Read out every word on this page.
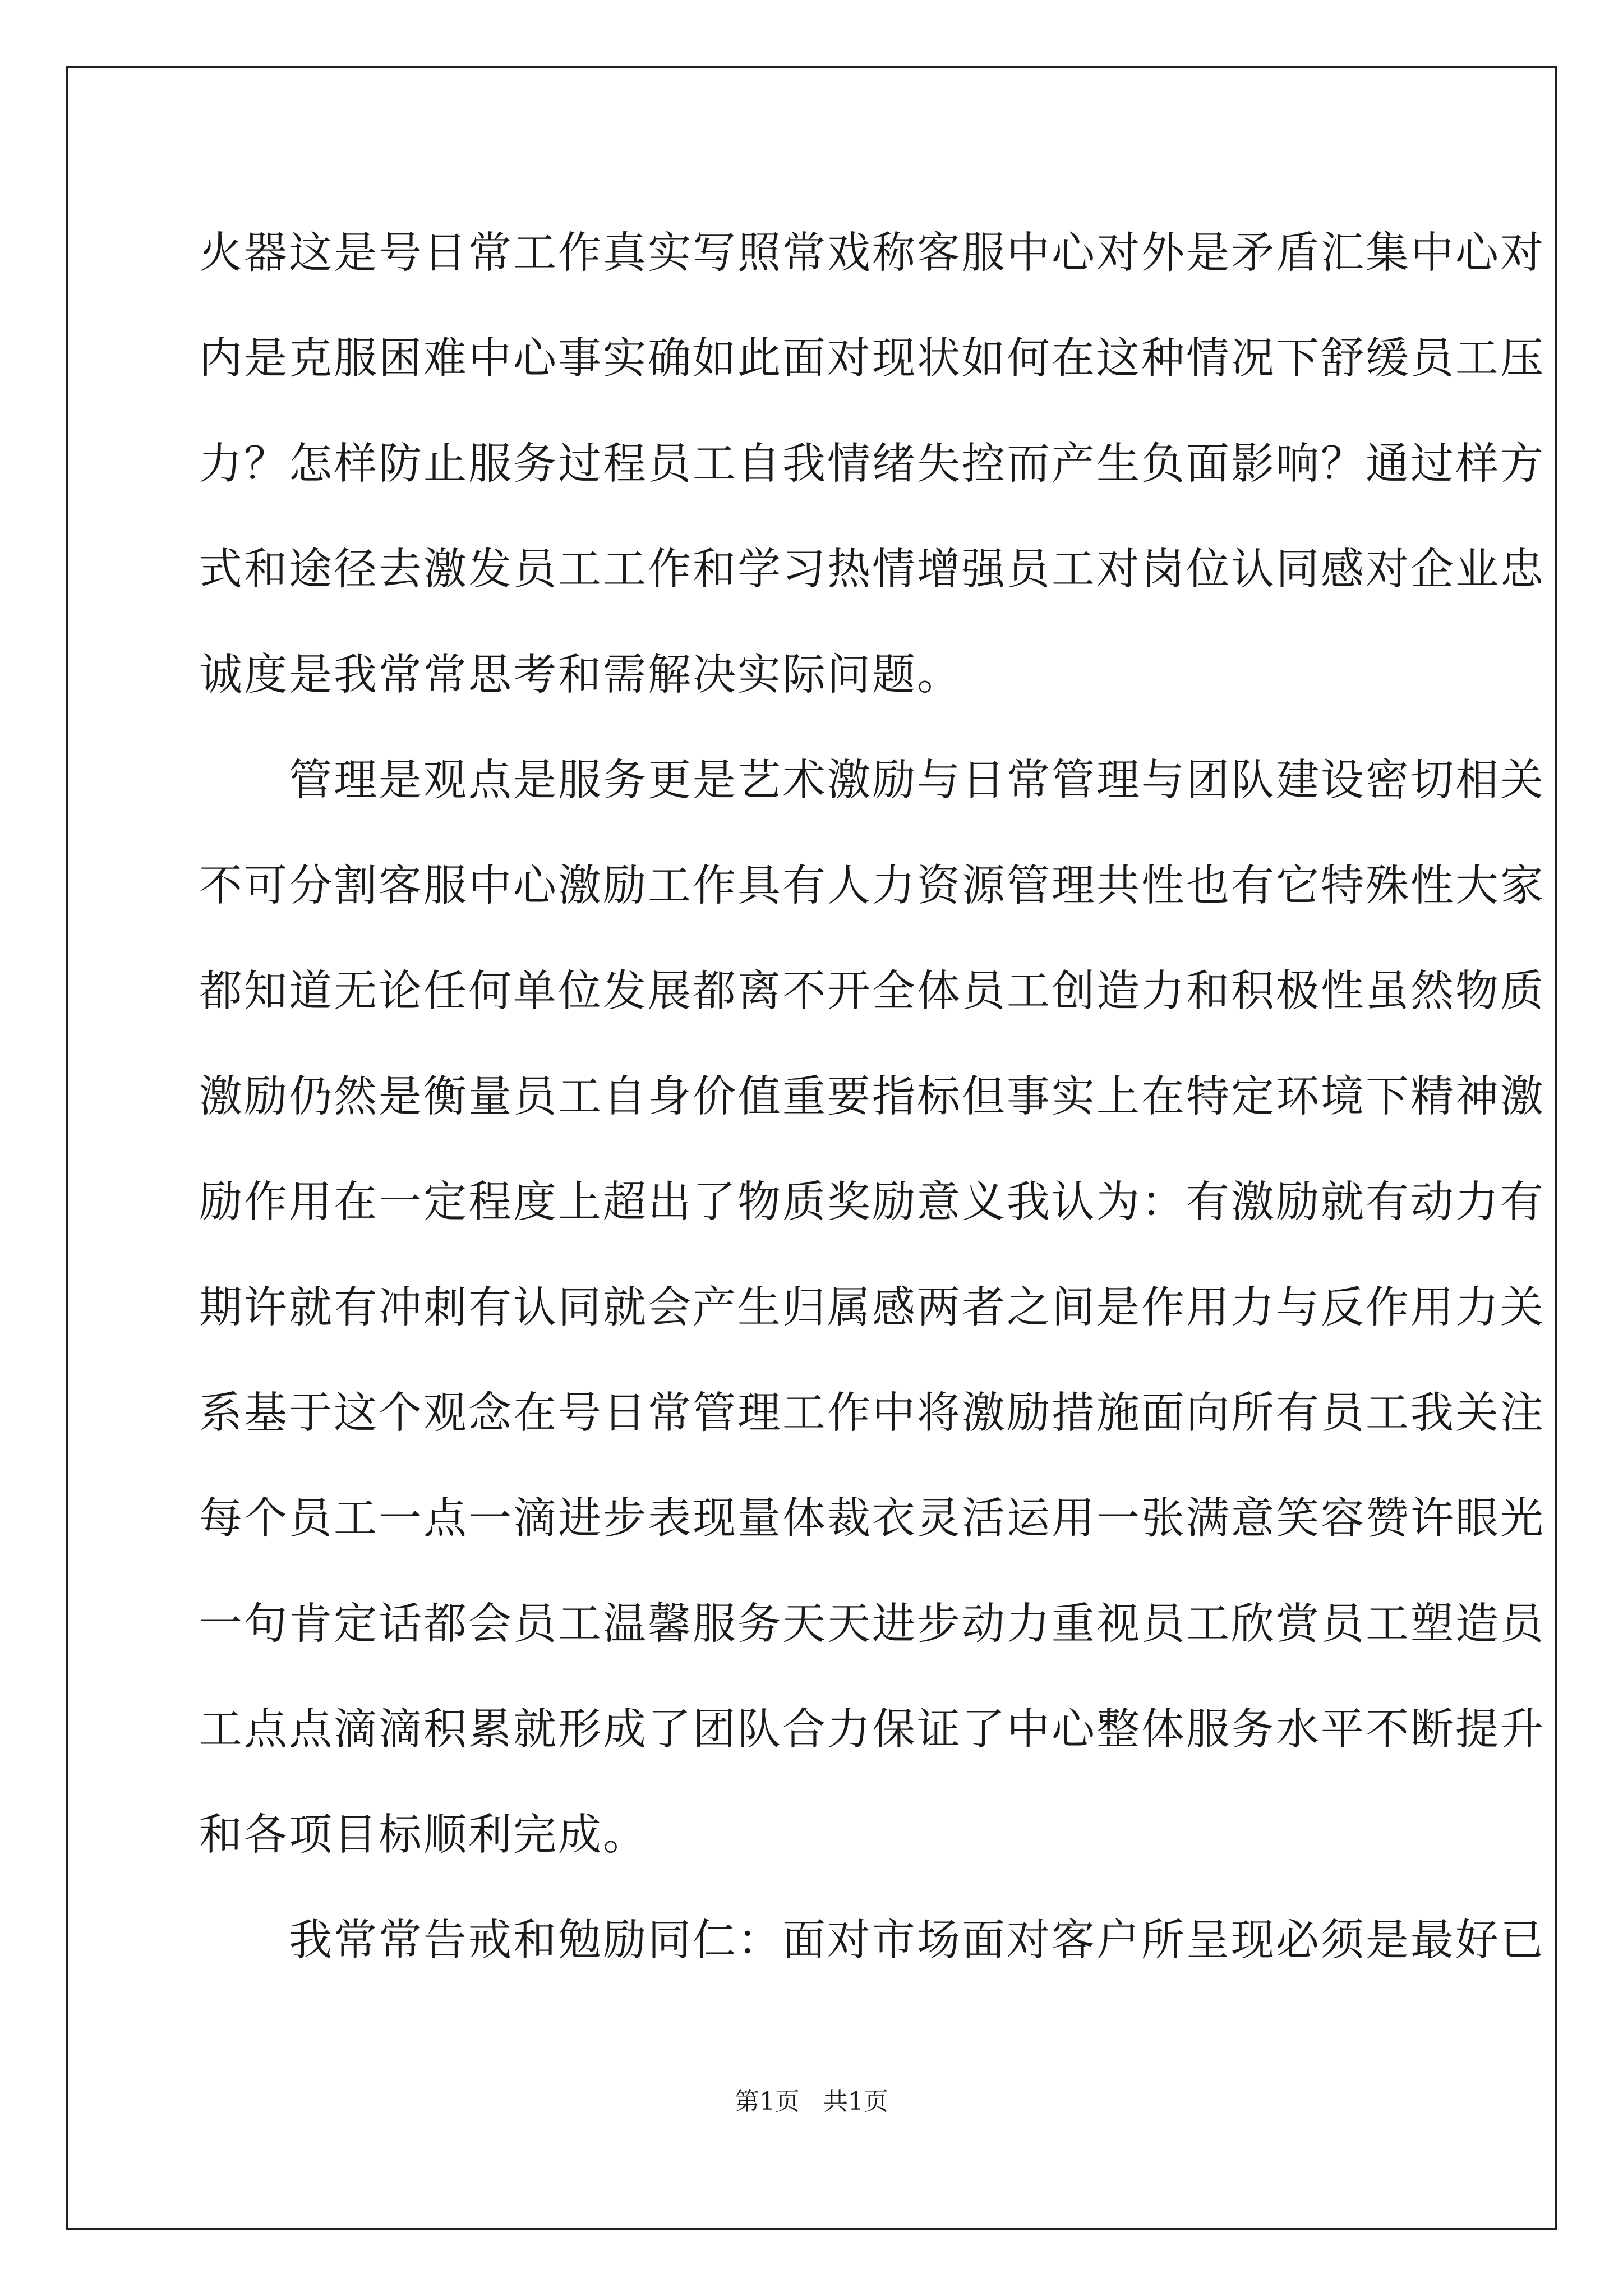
火器这是号日常工作真实写照常戏称客服中心对外是矛盾汇集中心对
内是克服困难中心事实确如此面对现状如何在这种情况下舒缓员工压
力？怎样防止服务过程员工自我情绪失控而产生负面影响？通过样方
式和途径去激发员工工作和学习热情增强员工对岗位认同感对企业忠
诚度是我常常思考和需解决实际问题。
　　管理是观点是服务更是艺术激励与日常管理与团队建设密切相关
不可分割客服中心激励工作具有人力资源管理共性也有它特殊性大家
都知道无论任何单位发展都离不开全体员工创造力和积极性虽然物质
激励仍然是衡量员工自身价值重要指标但事实上在特定环境下精神激
励作用在一定程度上超出了物质奖励意义我认为：有激励就有动力有
期许就有冲刺有认同就会产生归属感两者之间是作用力与反作用力关
系基于这个观念在号日常管理工作中将激励措施面向所有员工我关注
每个员工一点一滴进步表现量体裁衣灵活运用一张满意笑容赞许眼光
一句肯定话都会员工温馨服务天天进步动力重视员工欣赏员工塑造员
工点点滴滴积累就形成了团队合力保证了中心整体服务水平不断提升
和各项目标顺利完成。
　　我常常告戒和勉励同仁：面对市场面对客户所呈现必须是最好已
第1页 共1页
